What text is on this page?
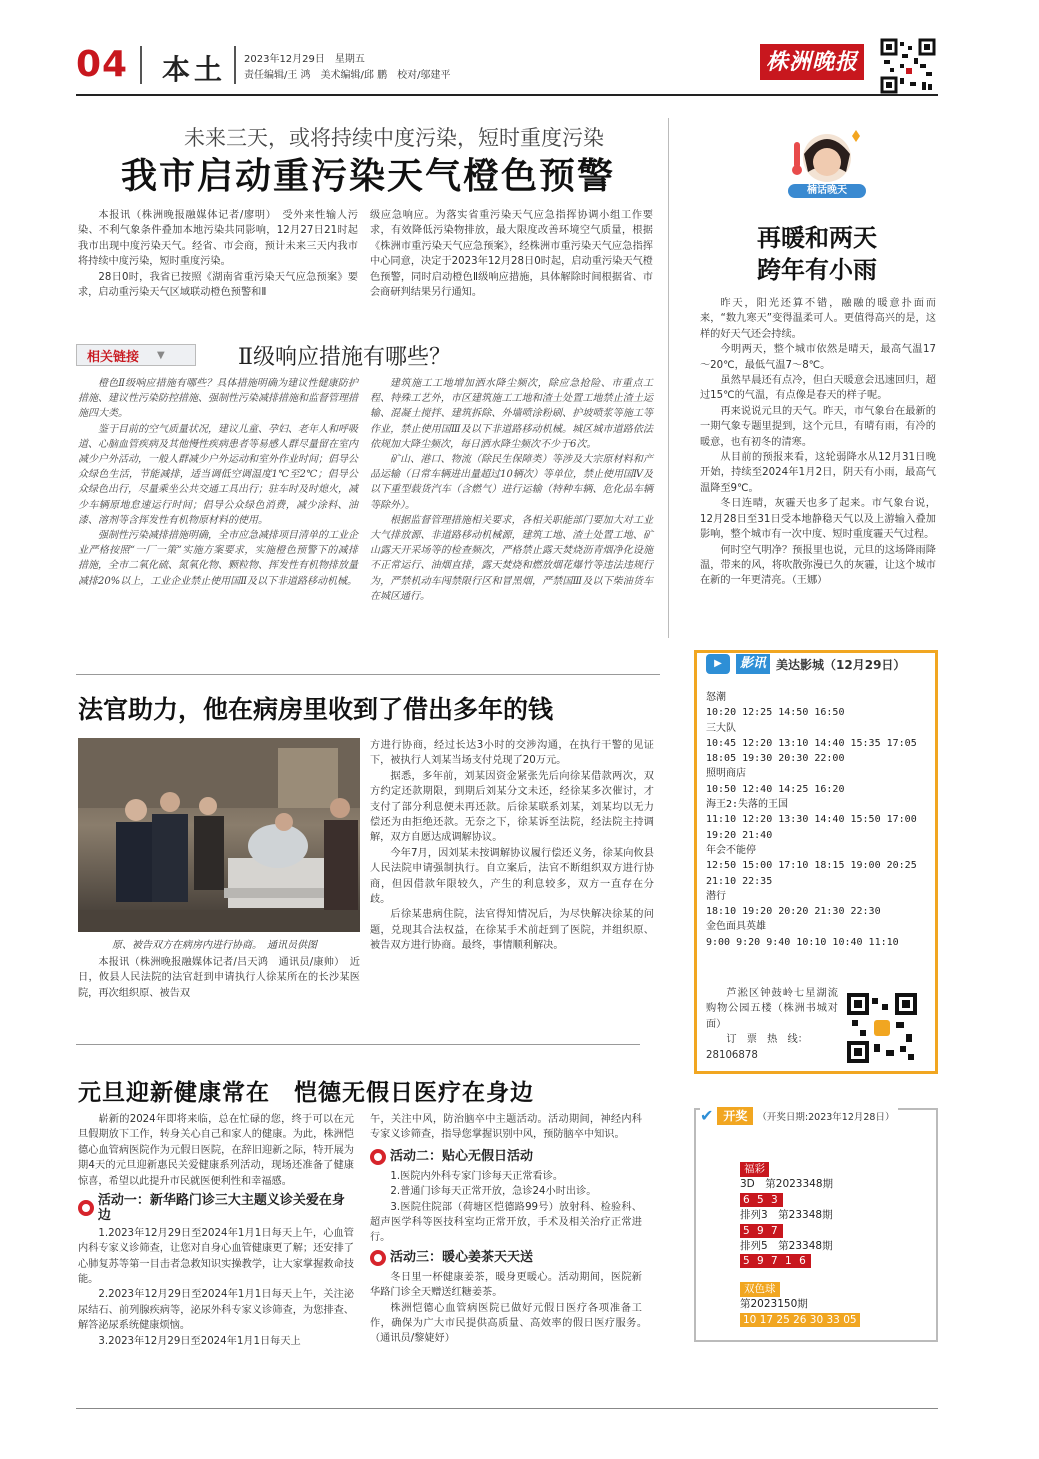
04 本土 2023年12月29日　星期五
责任编辑/王 鸿　美术编辑/邱 鹏　校对/邬建平
株洲晚报
未来三天，或将持续中度污染，短时重度污染
我市启动重污染天气橙色预警

本报讯（株洲晚报融媒体记者/廖明）　受外来性输人污染、不利气象条件叠加本地污染共同影响，12月27日21时起我市出现中度污染天气。经省、市会商，预计未来三天内我市将持续中度污染，短时重度污染。

28日0时，我省已按照《湖南省重污染天气应急预案》要求，启动重污染天气区域联动橙色预警和Ⅱ

级应急响应。为落实省重污染天气应急指挥协调小组工作要求，有效降低污染物排放，最大限度改善环境空气质量，根据《株洲市重污染天气应急预案》，经株洲市重污染天气应急指挥中心同意，决定于2023年12月28日0时起，启动重污染天气橙色预警，同时启动橙色Ⅱ级响应措施，具体解除时间根据省、市会商研判结果另行通知。

相关链接 ▼	Ⅱ级响应措施有哪些？

橙色Ⅱ级响应措施有哪些？具体措施明确为建议性健康防护措施、建议性污染防控措施、强制性污染减排措施和监督管理措施四大类。

鉴于目前的空气质量状况，建议儿童、孕妇、老年人和呼吸道、心脑血管疾病及其他慢性疾病患者等易感人群尽量留在室内减少户外活动，一般人群减少户外运动和室外作业时间；倡导公众绿色生活，节能减排，适当调低空调温度1℃至2℃；倡导公众绿色出行，尽量乘坐公共交通工具出行；驻车时及时熄火，减少车辆原地怠速运行时间；倡导公众绿色消费，减少涂料、油漆、溶剂等含挥发性有机物原材料的使用。

强制性污染减排措施明确，全市应急减排项目清单的工业企业严格按照“一厂一策”实施方案要求，实施橙色预警下的减排措施，全市二氧化硫、氮氧化物、颗粒物、挥发性有机物排放量减排20%以上，工业企业禁止使用国Ⅱ及以下非道路移动机械。

建筑施工工地增加洒水降尘频次，除应急抢险、市重点工程、特殊工艺外，市区建筑施工工地和渣土处置工地禁止渣土运输、混凝土搅拌、建筑拆除、外墙喷涂粉刷、护坡喷浆等施工等作业，禁止使用国Ⅲ及以下非道路移动机械。城区城市道路依法依规加大降尘频次，每日洒水降尘频次不少于6次。

矿山、港口、物流（除民生保障类）等涉及大宗原材料和产品运输（日常车辆进出量超过10辆次）等单位，禁止使用国Ⅳ及以下重型载货汽车（含燃气）进行运输（特种车辆、危化品车辆等除外）。

根据监督管理措施相关要求，各相关职能部门要加大对工业大气排放源、非道路移动机械源，建筑工地、渣土处置工地、矿山露天开采场等的检查频次，严格禁止露天焚烧沥青烟净化设施不正常运行、油烟直排，露天焚烧和燃放烟花爆竹等违法违规行为，严禁机动车闯禁限行区和冒黑烟，严禁国Ⅲ及以下柴油货车在城区通行。

法官助力，他在病房里收到了借出多年的钱
原、被告双方在病房内进行协商。　通讯员供图

本报讯（株洲晚报融媒体记者/吕天鸿　通讯员/康帅）　近日，攸县人民法院的法官赶到申请执行人徐某所在的长沙某医院，再次组织原、被告双

方进行协商，经过长达3小时的交涉沟通，在执行干警的见证下，被执行人刘某当场支付兑现了20万元。

据悉，多年前，刘某因资金紧张先后向徐某借款两次，双方约定还款期限，到期后刘某分文未还，经徐某多次催讨，才支付了部分利息便未再还款。后徐某联系刘某，刘某均以无力偿还为由拒绝还款。无奈之下，徐某诉至法院，经法院主持调解，双方自愿达成调解协议。

今年7月，因刘某未按调解协议履行偿还义务，徐某向攸县人民法院申请强制执行。自立案后，法官不断组织双方进行协商，但因借款年限较久，产生的利息较多，双方一直存在分歧。

后徐某患病住院，法官得知情况后，为尽快解决徐某的问题，兑现其合法权益，在徐某手术前赶到了医院，并组织原、被告双方进行协商。最终，事情顺利解决。

元旦迎新健康常在　恺德无假日医疗在身边

崭新的2024年即将来临，总在忙碌的您，终于可以在元旦假期放下工作，转身关心自己和家人的健康。为此，株洲恺德心血管病医院作为元假日医院，在辞旧迎新之际，特开展为期4天的元旦迎新惠民关爱健康系列活动，现场还准备了健康惊喜，希望以此提升市民就医便利性和幸福感。

活动一：新华路门诊三大主题义诊关爱在身边

1.2023年12月29日至2024年1月1日每天上午，心血管内科专家义诊筛查，让您对自身心血管健康更了解；还安排了心肺复苏等第一目击者急救知识实操教学，让大家掌握救命技能。

2.2023年12月29日至2024年1月1日每天上午，关注泌尿结石、前列腺疾病等，泌尿外科专家义诊筛查，为您排查、解答泌尿系统健康烦恼。

3.2023年12月29日至2024年1月1日每天上

午，关注中风，防治脑卒中主题活动。活动期间，神经内科专家义诊筛查，指导您掌握识别中风，预防脑卒中知识。

活动二：贴心无假日活动

1.医院内外科专家门诊每天正常看诊。

2.普通门诊每天正常开放，急诊24小时出诊。

3.医院住院部（荷塘区恺德路99号）放射科、检验科、超声医学科等医技科室均正常开放，手术及相关治疗正常进行。

活动三：暖心姜茶天天送

冬日里一杯健康姜茶，暖身更暖心。活动期间，医院新华路门诊全天赠送红糖姜茶。

株洲恺德心血管病医院已做好元假日医疗各项准备工作，确保为广大市民提供高质量、高效率的假日医疗服务。　　（通讯员/黎婕妤）

楠话晚天
再暖和两天
跨年有小雨

昨天，阳光还算不错，融融的暖意扑面而来，“数九寒天”变得温柔可人。更值得高兴的是，这样的好天气还会持续。

今明两天，整个城市依然是晴天，最高气温17～20℃，最低气温7～8℃。

虽然早晨还有点冷，但白天暖意会迅速回归，超过15℃的气温，有点像是春天的样子呢。

再来说说元旦的天气。昨天，市气象台在最新的一期气象专题里提到，这个元旦，有晴有雨，有冷的暖意，也有初冬的清寒。

从目前的预报来看，这轮弱降水从12月31日晚开始，持续至2024年1月2日，阴天有小雨，最高气温降至9℃。

冬日连晴，灰霾天也多了起来。市气象台说，12月28日至31日受本地静稳天气以及上游输入叠加影响，整个城市有一次中度、短时重度霾天气过程。

何时空气明净？预报里也说，元旦的这场降雨降温，带来的风，将吹散弥漫已久的灰霾，让这个城市在新的一年更清亮。（王娜）

▶	影讯 美达影城（12月29日）
怒潮
10:20 12:25 14:50 16:50
三大队
10:45 12:20 13:10 14:40 15:35 17:05 18:05 19:30 20:30 22:00
照明商店
10:50 12:40 14:25 16:20
海王2:失落的王国
11:10 12:20 13:30 14:40 15:50 17:00 19:20 21:40
年会不能停
12:50 15:00 17:10 18:15 19:00 20:25 21:10 22:35
潜行
18:10 19:20 20:20 21:30 22:30
金色面具英雄
9:00 9:20 9:40 10:10 10:40 11:10

芦淞区钟鼓岭七星湖流购物公园五楼（株洲书城对面）

订　票　热　线：

28106878

✔ 开奖	（开奖日期:2023年12月28日）
福彩
3D　第2023348期
6 5 3
排列3　第23348期
5 9 7
排列5　第23348期
5 9 7 1 6
双色球
第2023150期
10 17 25 26 30 33 05
